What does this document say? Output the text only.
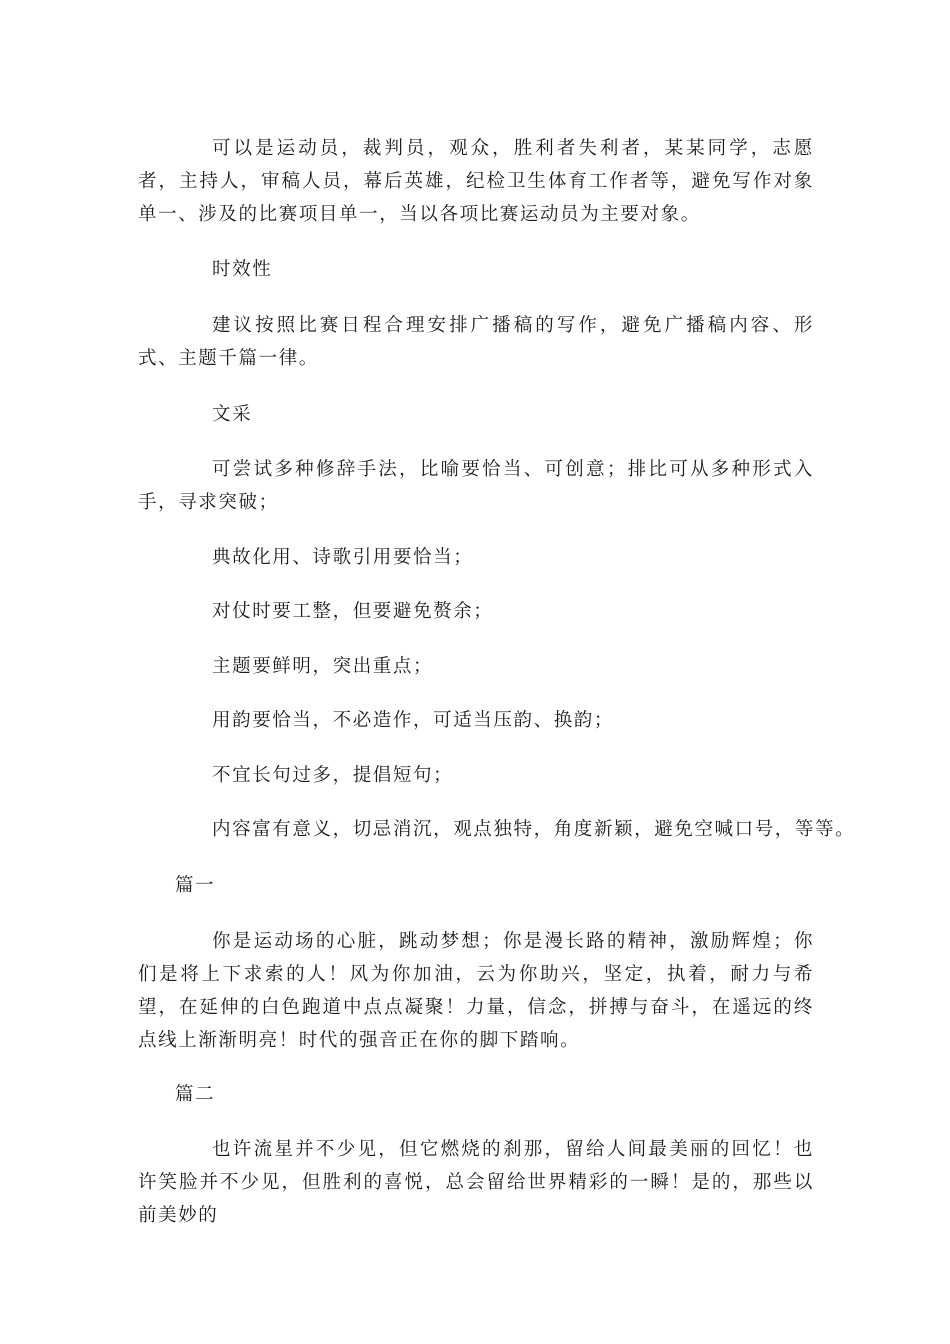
可以是运动员，裁判员，观众，胜利者失利者，某某同学，志愿者，主持人，审稿人员，幕后英雄，纪检卫生体育工作者等，避免写作对象单一、涉及的比赛项目单一，当以各项比赛运动员为主要对象。

时效性

建议按照比赛日程合理安排广播稿的写作，避免广播稿内容、形式、主题千篇一律。

文采

可尝试多种修辞手法，比喻要恰当、可创意；排比可从多种形式入手，寻求突破；

典故化用、诗歌引用要恰当；

对仗时要工整，但要避免赘余；

主题要鲜明，突出重点；

用韵要恰当，不必造作，可适当压韵、换韵；

不宜长句过多，提倡短句；

内容富有意义，切忌消沉，观点独特，角度新颖，避免空喊口号，等等。

篇一

你是运动场的心脏，跳动梦想；你是漫长路的精神，激励辉煌；你们是将上下求索的人！风为你加油，云为你助兴，坚定，执着，耐力与希望，在延伸的白色跑道中点点凝聚！力量，信念，拼搏与奋斗，在遥远的终点线上渐渐明亮！时代的强音正在你的脚下踏响。

篇二

也许流星并不少见，但它燃烧的刹那，留给人间最美丽的回忆！也许笑脸并不少见，但胜利的喜悦，总会留给世界精彩的一瞬！是的，那些以前美妙的
